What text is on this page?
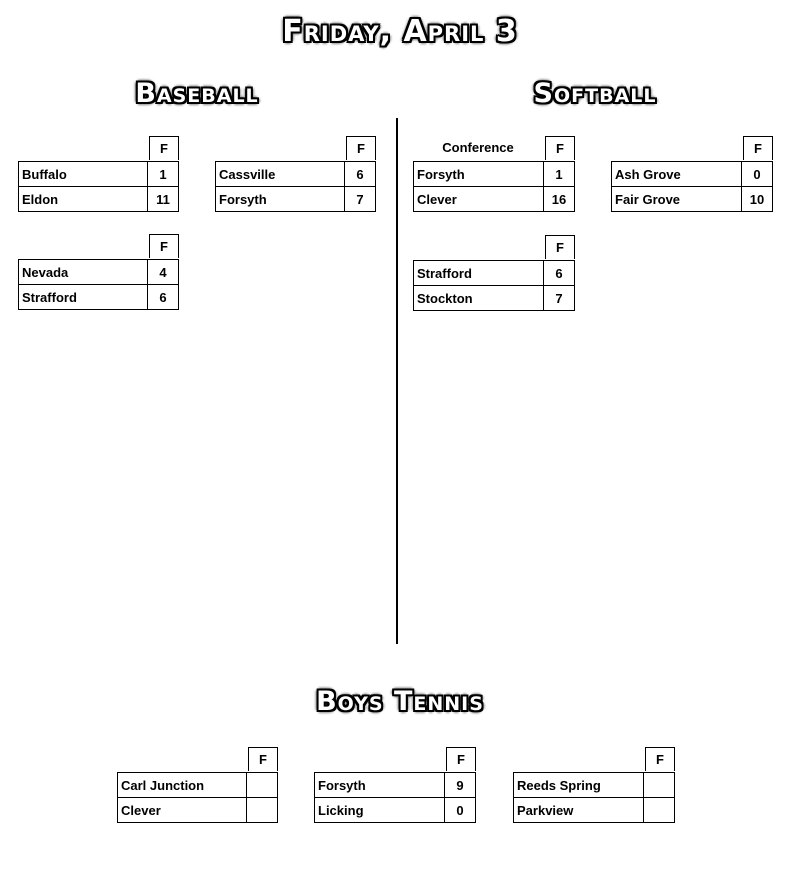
Friday, April 3
Baseball	Softball
F
Buffalo	1
Eldon	11
F
Cassville	6
Forsyth	7
F
Nevada	4
Strafford	6
Conference	F
Forsyth	1
Clever	16
F
Ash Grove	0
Fair Grove	10
F
Strafford	6
Stockton	7
Boys Tennis
F
Carl Junction	
Clever	
F
Forsyth	9
Licking	0
F
Reeds Spring	
Parkview	
